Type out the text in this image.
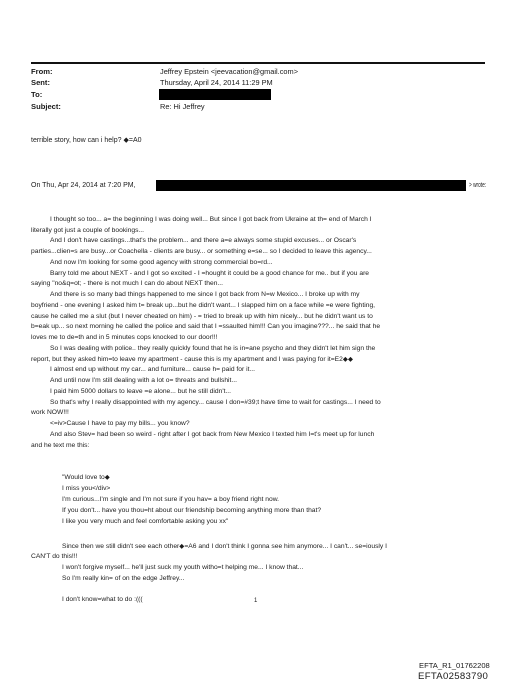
From:	Jeffrey Epstein <jeevacation@gmail.com>
Sent:	Thursday, April 24, 2014 11:29 PM
To:
Subject:	Re: Hi Jeffrey
terrible story, how can i help? ◆=A0
On Thu, Apr 24, 2014 at 7:20 PM,	> wrote:
I thought so too... a= the beginning I was doing well... But since I got back from Ukraine at th= end of March I
literally got just a couple of bookings...
And I don't have castings...that's the problem... and there a=e always some stupid excuses... or Oscar's
parties...clien=s are busy...or Coachella - clients are busy... or something e=se... so I decided to leave this agency...
And now I'm looking for some good agency with strong commercial bo=rd...
Barry told me about NEXT - and I got so excited - I =hought it could be a good chance for me.. but if you are
saying "no&q=ot; - there is not much I can do about NEXT then...
And there is so many bad things happened to me since I got back from N=w Mexico... I broke up with my
boyfriend - one evening I asked him t= break up...but he didn't want... I slapped him on a face while =e were fighting,
cause he called me a slut (but I never cheated on him) - = tried to break up with him nicely... but he didn't want us to
b=eak up... so next morning he called the police and said that I =ssaulted him!!! Can you imagine???... he said that he
loves me to de=th and in 5 minutes cops knocked to our door!!!
So I was dealing with police.. they really quickly found that he is in=ane psycho and they didn't let him sign the
report, but they asked him=to leave my apartment - cause this is my apartment and I was paying for it=E2◆◆
I almost end up without my car... and furniture... cause h= paid for it...
And until now I'm still dealing with a lot o= threats and bullshit...
I paid him 5000 dollars to leave =e alone... but he still didn't...
So that's why I really disappointed with my agency... cause I don=#39;t have time to wait for castings... I need to
work NOW!!!
<=iv>Cause I have to pay my bills... you know?
And also Stev= had been so weird - right after I got back from New Mexico I texted him I=t's meet up for lunch
and he text me this:
"Would love to◆
I miss you</div>
I'm curious...I'm single and I'm not sure if you hav= a boy friend right now.
If you don't... have you thou=ht about our friendship becoming anything more than that?
I like you very much and feel comfortable asking you xx"
Since then we still didn't see each other◆=A6 and I don't think I gonna see him anymore... I can't... se=iously I
CAN'T do this!!!
I won't forgive myself... he'll just suck my youth witho=t helping me... I know that...
So I'm really kin= of on the edge Jeffrey...
I don't know=what to do :(((	1
EFTA_R1_01762208
EFTA02583790
